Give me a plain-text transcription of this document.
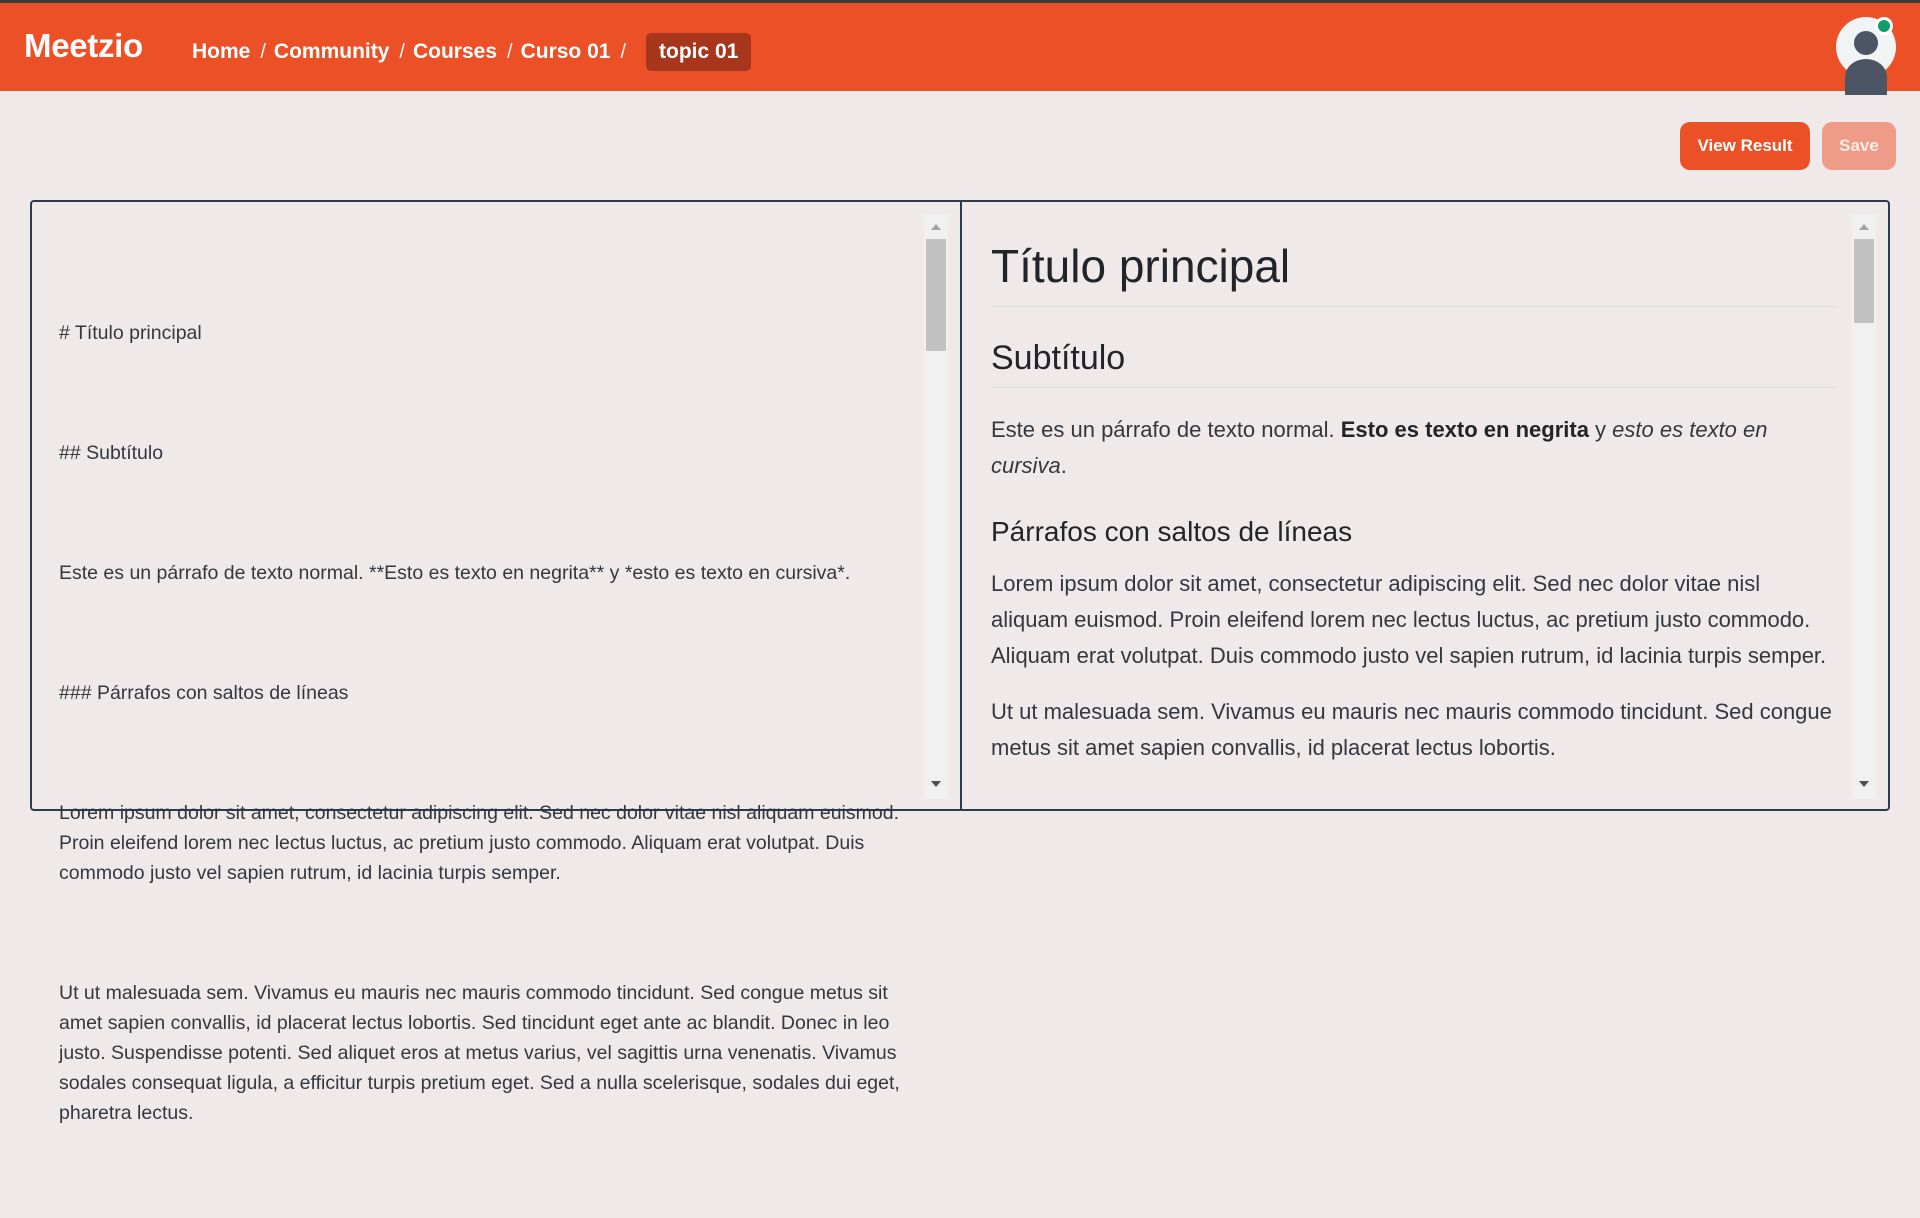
Meetzio Home / Community / Courses / Curso 01 /	topic 01
View Result	Save

# Título principal

## Subtítulo

Este es un párrafo de texto normal. **Esto es texto en negrita** y *esto es texto en cursiva*.

### Párrafos con saltos de líneas

Lorem ipsum dolor sit amet, consectetur adipiscing elit. Sed nec dolor vitae nisl aliquam euismod. Proin eleifend lorem nec lectus luctus, ac pretium justo commodo. Aliquam erat volutpat. Duis commodo justo vel sapien rutrum, id lacinia turpis semper.

Ut ut malesuada sem. Vivamus eu mauris nec mauris commodo tincidunt. Sed congue metus sit amet sapien convallis, id placerat lectus lobortis. Sed tincidunt eget ante ac blandit. Donec in leo justo. Suspendisse potenti. Sed aliquet eros at metus varius, vel sagittis urna venenatis. Vivamus sodales consequat ligula, a efficitur turpis pretium eget. Sed a nulla scelerisque, sodales dui eget, pharetra lectus.

Título principal
Subtítulo

Este es un párrafo de texto normal. Esto es texto en negrita y esto es texto en cursiva.

Párrafos con saltos de líneas

Lorem ipsum dolor sit amet, consectetur adipiscing elit. Sed nec dolor vitae nisl aliquam euismod. Proin eleifend lorem nec lectus luctus, ac pretium justo commodo. Aliquam erat volutpat. Duis commodo justo vel sapien rutrum, id lacinia turpis semper.

Ut ut malesuada sem. Vivamus eu mauris nec mauris commodo tincidunt. Sed congue metus sit amet sapien convallis, id placerat lectus lobortis.
